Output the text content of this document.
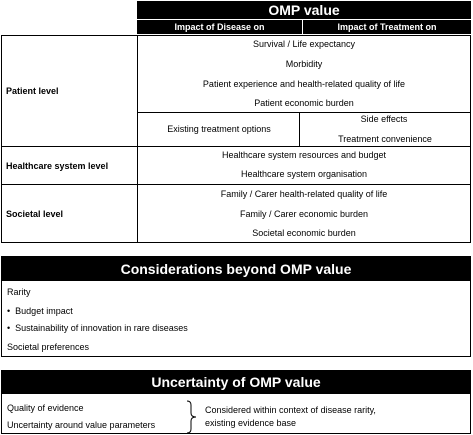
OMP value
Impact of Disease on	Impact of Treatment on
Patient level
Survival / Life expectancy
Morbidity
Patient experience and health-related quality of life
Patient economic burden
Existing treatment options
Side effects
Treatment convenience
Healthcare system level
Healthcare system resources and budget
Healthcare system organisation
Societal level
Family / Carer health-related quality of life
Family / Carer economic burden
Societal economic burden
Considerations beyond OMP value
Rarity
• Budget impact
• Sustainability of innovation in rare diseases
Societal preferences
Uncertainty of OMP value
Quality of evidence
Uncertainty around value parameters
Considered within context of disease rarity,
existing evidence base
